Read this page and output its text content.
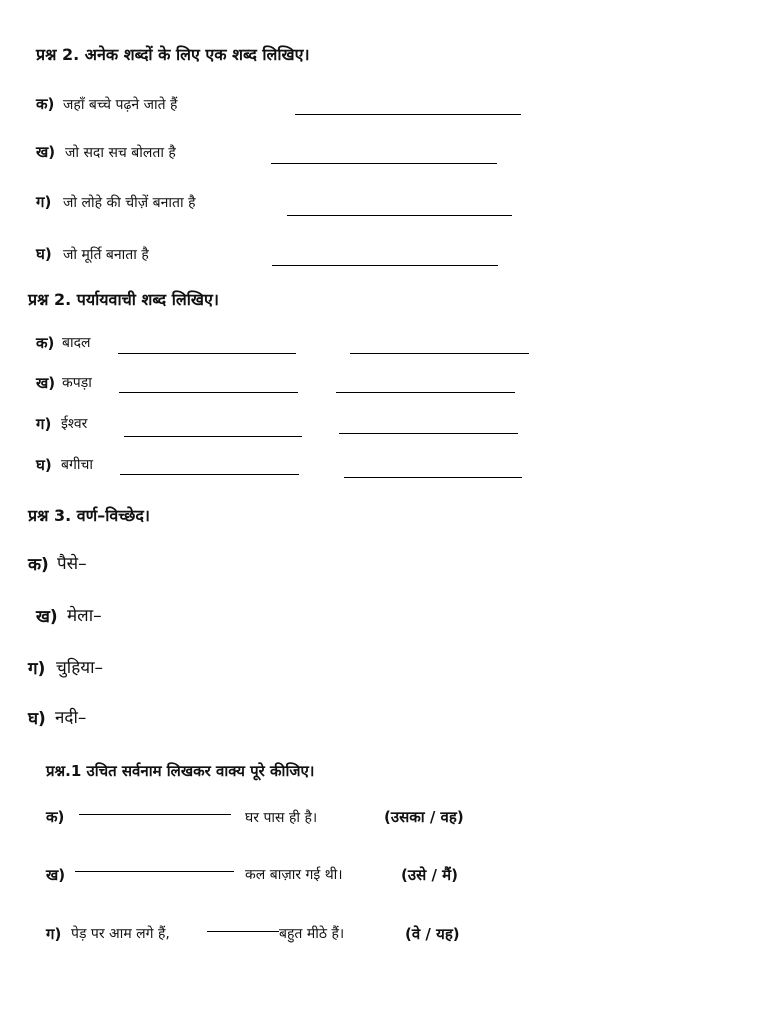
प्रश्न 2. अनेक शब्दों के लिए एक शब्द लिखिए।
क) जहाँ बच्चे पढ़ने जाते हैं
ख) जो सदा सच बोलता है
ग) जो लोहे की चीज़ें बनाता है
घ) जो मूर्ति बनाता है
प्रश्न 2. पर्यायवाची शब्द लिखिए।
क) बादल
ख) कपड़ा
ग) ईश्वर
घ) बगीचा
प्रश्न 3. वर्ण–विच्छेद।
क) पैसे–
ख) मेला–
ग) चुहिया–
घ) नदी–
प्रश्न.1 उचित सर्वनाम लिखकर वाक्य पूरे कीजिए।
क)	घर पास ही है।	(उसका / वह)
ख)	कल बाज़ार गई थी।	(उसे / मैं)
ग) पेड़ पर आम लगे हैं,	बहुत मीठे हैं।	(वे / यह)
